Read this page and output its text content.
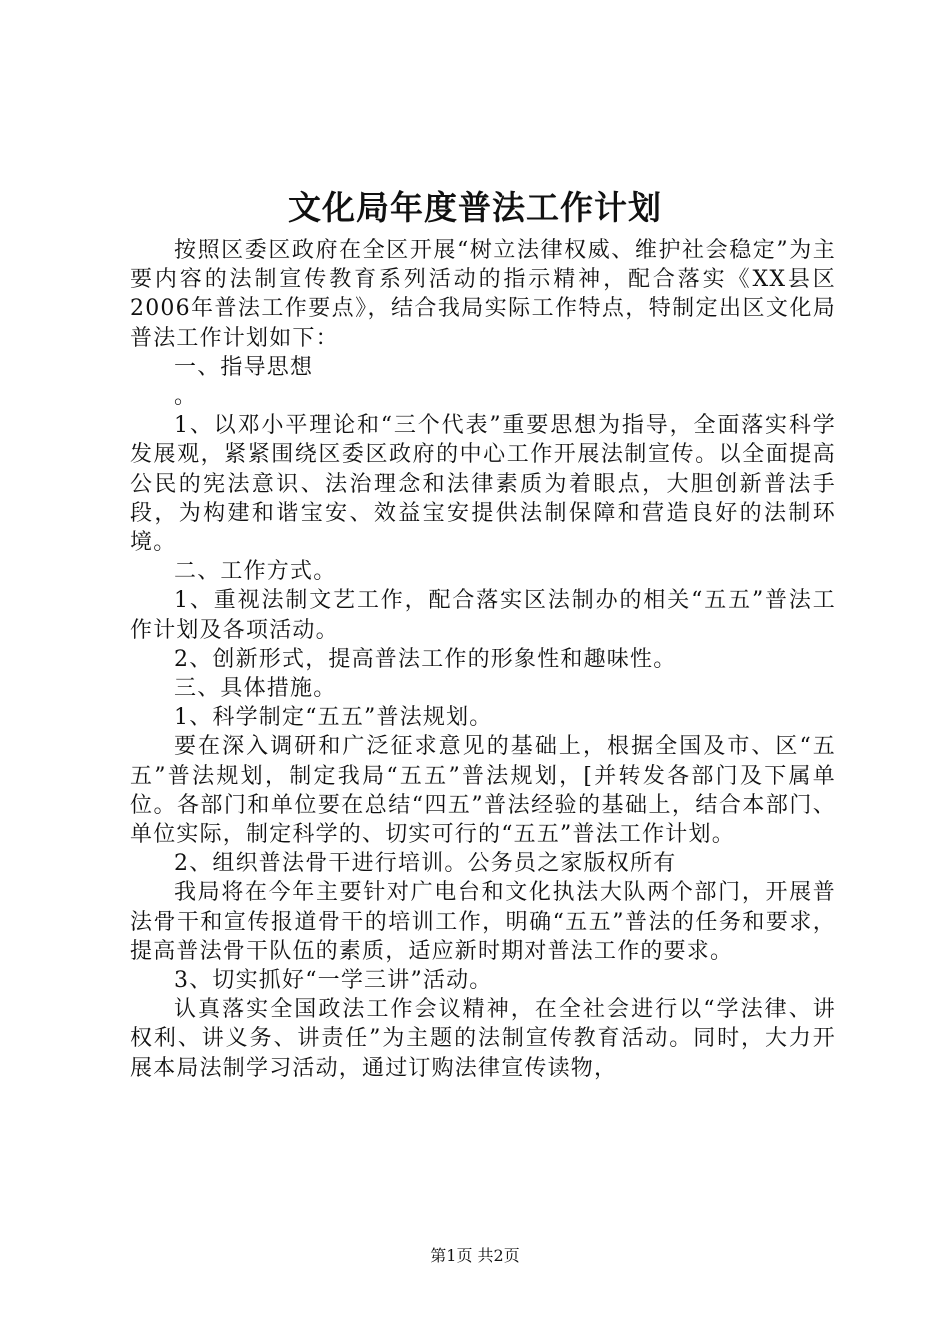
文化局年度普法工作计划

按照区委区政府在全区开展“树立法律权威、维护社会稳定”为主要内容的法制宣传教育系列活动的指示精神，配合落实《XX县区2006年普法工作要点》，结合我局实际工作特点，特制定出区文化局普法工作计划如下：

一、指导思想

。

1、以邓小平理论和“三个代表”重要思想为指导，全面落实科学发展观，紧紧围绕区委区政府的中心工作开展法制宣传。以全面提高公民的宪法意识、法治理念和法律素质为着眼点，大胆创新普法手段，为构建和谐宝安、效益宝安提供法制保障和营造良好的法制环境。

二、工作方式。

1、重视法制文艺工作，配合落实区法制办的相关“五五”普法工作计划及各项活动。

2、创新形式，提高普法工作的形象性和趣味性。

三、具体措施。

1、科学制定“五五”普法规划。

要在深入调研和广泛征求意见的基础上，根据全国及市、区“五五”普法规划，制定我局“五五”普法规划，[并转发各部门及下属单位。各部门和单位要在总结“四五”普法经验的基础上，结合本部门、单位实际，制定科学的、切实可行的“五五”普法工作计划。

2、组织普法骨干进行培训。公务员之家版权所有

我局将在今年主要针对广电台和文化执法大队两个部门，开展普法骨干和宣传报道骨干的培训工作，明确“五五”普法的任务和要求，提高普法骨干队伍的素质，适应新时期对普法工作的要求。

3、切实抓好“一学三讲”活动。

认真落实全国政法工作会议精神，在全社会进行以“学法律、讲权利、讲义务、讲责任”为主题的法制宣传教育活动。同时，大力开展本局法制学习活动，通过订购法律宣传读物，

第1页 共2页
